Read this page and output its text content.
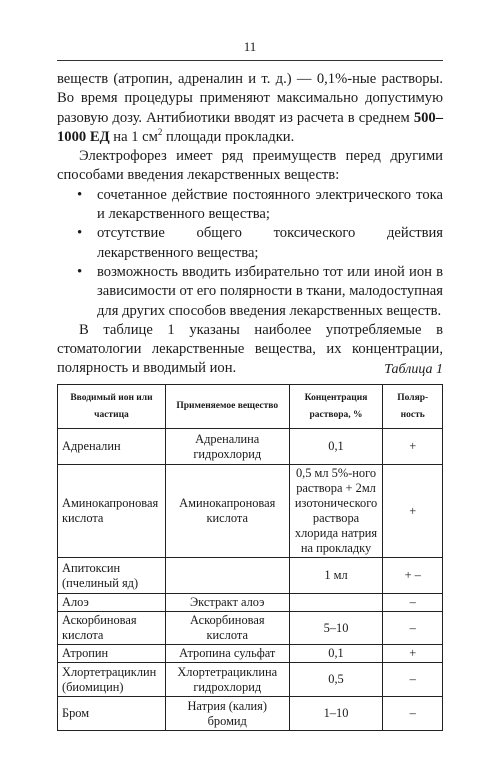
11

веществ (атропин, адреналин и т. д.) — 0,1%-ные растворы. Во время процедуры применяют максимально допустимую разовую дозу. Антибиотики вводят из расчета в среднем 500–1000 ЕД на 1 $см^2$ площади прокладки.

Электрофорез имеет ряд преимуществ перед другими способами введения лекарственных веществ:

• сочетанное действие постоянного электрического тока и лекарственного вещества;
• отсутствие общего токсического действия лекарственного вещества;
• возможность вводить избирательно тот или иной ион в зависимости от его полярности в ткани, малодоступная для других способов введения лекарственных веществ.

В таблице 1 указаны наиболее употребляемые в стоматологии лекарственные вещества, их концентрации, полярность и вводимый ион.	Таблица 1
Вводимый ион или частица	Применяемое вещество	Концентрация раствора, %	Поляр-ность
Адреналин	Адреналина гидрохлорид	0,1	+
Аминокапроновая кислота	Аминокапроновая кислота	0,5 мл 5%-ного раствора + 2мл изотонического раствора хлорида натрия на прокладку	+
Апитоксин (пчелиный яд)		1 мл	+ –
Алоэ	Экстракт алоэ		–
Аскорбиновая кислота	Аскорбиновая кислота	5–10	–
Атропин	Атропина сульфат	0,1	+
Хлортетрациклин (биомицин)	Хлортетрациклина гидрохлорид	0,5	–
Бром	Натрия (калия) бромид	1–10	–
